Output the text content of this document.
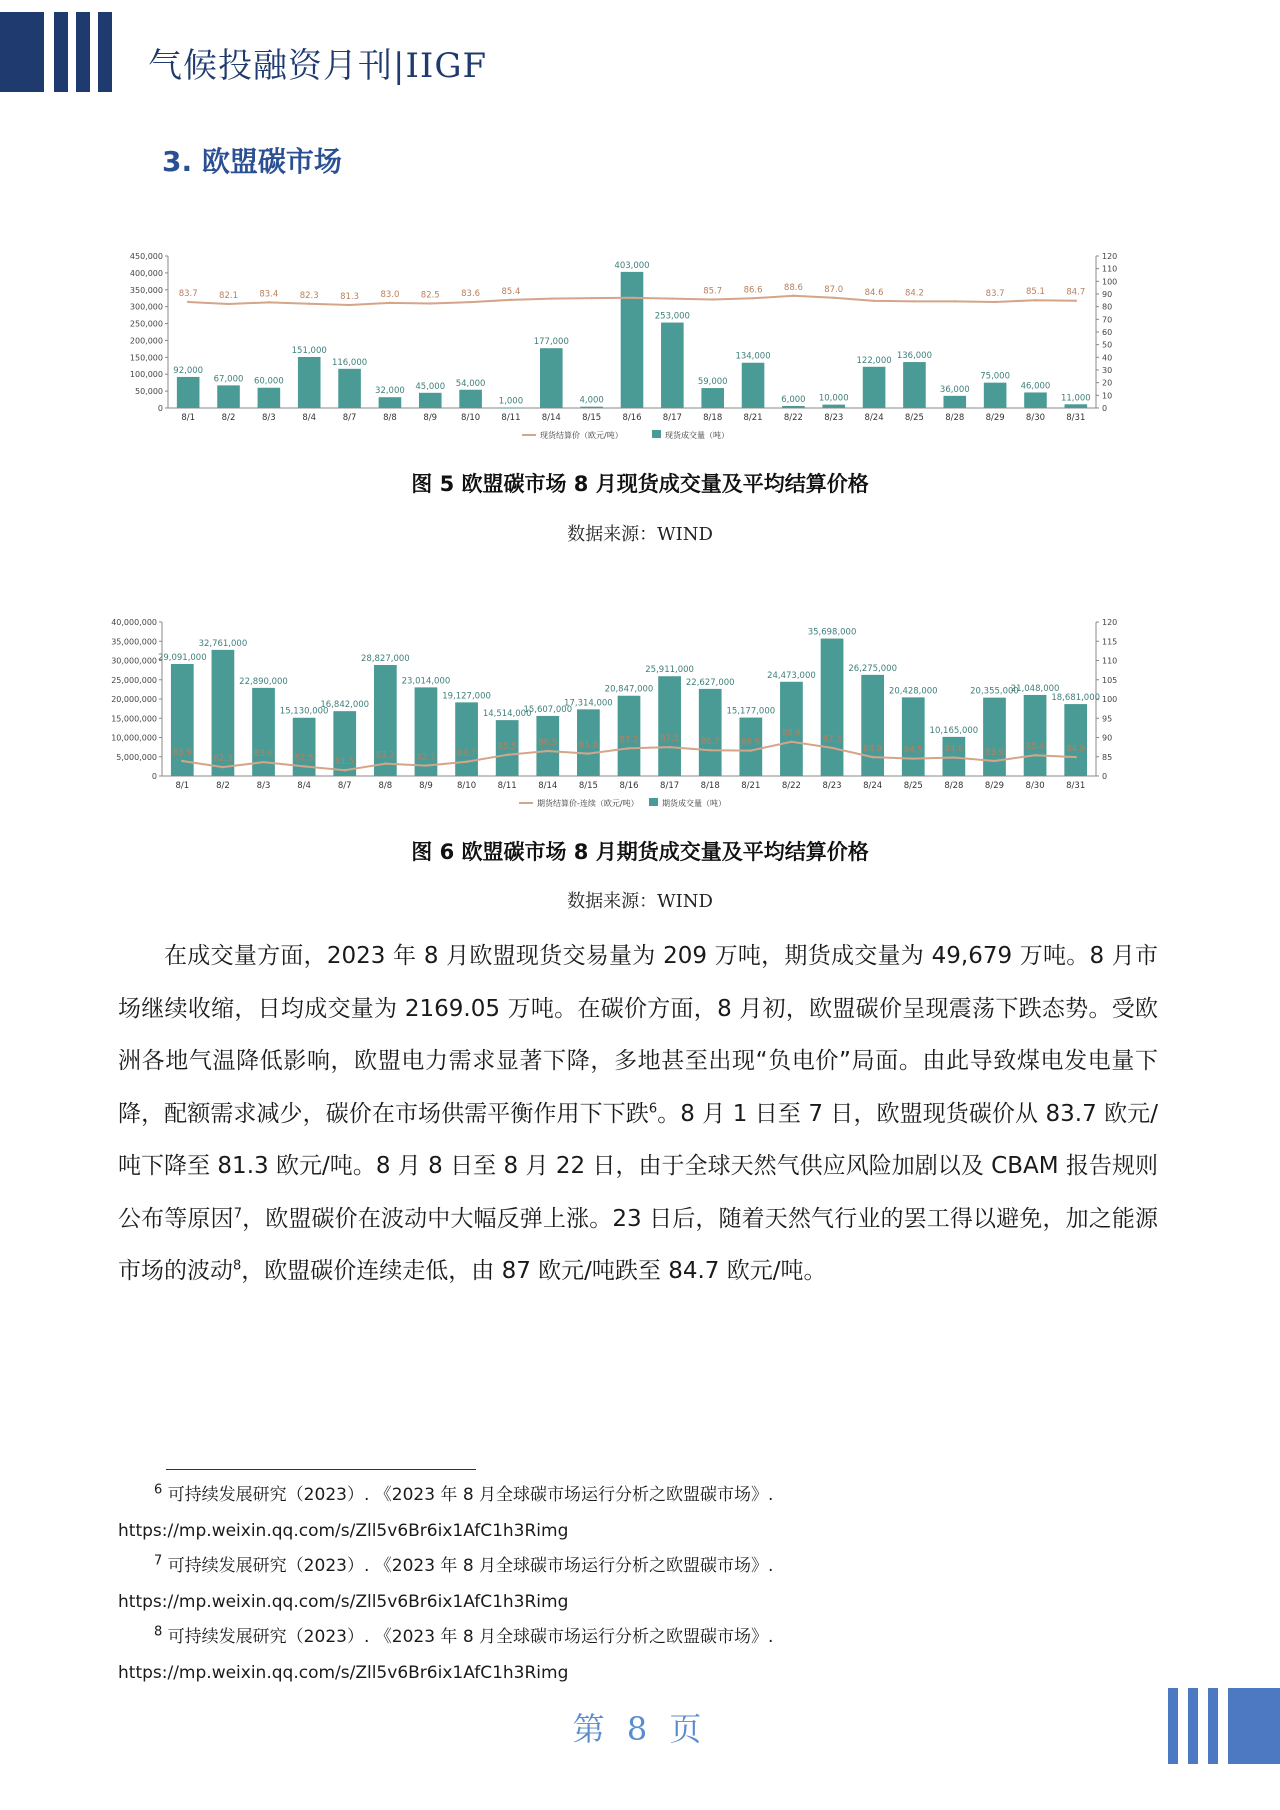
气候投融资月刊|IIGF
3. 欧盟碳市场
0
50,000
100,000
150,000
200,000
250,000
300,000
350,000
400,000
450,000
0
10
20
30
40
50
60
70
80
90
100
110
120
92,000
8/1
67,000
8/2
60,000
8/3
151,000
8/4
116,000
8/7
32,000
8/8
45,000
8/9
54,000
8/10
1,000
8/11
177,000
8/14
4,000
8/15
403,000
8/16
253,000
8/17
59,000
8/18
134,000
8/21
6,000
8/22
10,000
8/23
122,000
8/24
136,000
8/25
36,000
8/28
75,000
8/29
46,000
8/30
11,000
8/31
83.7	82.1	83.4	82.3	81.3	83.0	82.5	83.6	85.4	85.7	86.6	88.6	87.0	84.6	84.2	83.7	85.1	84.7
现货结算价（欧元/吨）	现货成交量（吨）
图 5 欧盟碳市场 8 月现货成交量及平均结算价格
数据来源：WIND
0
5,000,000
10,000,000
15,000,000
20,000,000
25,000,000
30,000,000
35,000,000
40,000,000
0
85
90
95
100
105
110
115
120
29,091,000
8/1
32,761,000
8/2
22,890,000
8/3
15,130,000
8/4
16,842,000
8/7
28,827,000
8/8
23,014,000
8/9
19,127,000
8/10
14,514,000
8/11
15,607,000
8/14
17,314,000
8/15
20,847,000
8/16
25,911,000
8/17
22,627,000
8/18
15,177,000
8/21
24,473,000
8/22
35,698,000
8/23
26,275,000
8/24
20,428,000
8/25
10,165,000
8/28
20,355,000
8/29
21,048,000
8/30
18,681,000
8/31
83.9
82.3
83.6	82.5	81.5
83.2	82.7	83.7
85.5	86.5	85.8
87.2	87.5	86.7	86.6
88.9
87.3
84.9	84.5	84.8	83.9
85.4	84.9
期货结算价-连续（欧元/吨）	期货成交量（吨）
图 6 欧盟碳市场 8 月期货成交量及平均结算价格
数据来源：WIND

在成交量方面，2023 年 8 月欧盟现货交易量为 209 万吨，期货成交量为 49,679 万吨。8 月市场继续收缩，日均成交量为 2169.05 万吨。在碳价方面，8 月初，欧盟碳价呈现震荡下跌态势。受欧洲各地气温降低影响，欧盟电力需求显著下降，多地甚至出现“负电价”局面。由此导致煤电发电量下降，配额需求减少，碳价在市场供需平衡作用下下跌$^6$。8 月 1 日至 7 日，欧盟现货碳价从 83.7 欧元/吨下降至 81.3 欧元/吨。8 月 8 日至 8 月 22 日，由于全球天然气供应风险加剧以及 CBAM 报告规则公布等原因$^7$，欧盟碳价在波动中大幅反弹上涨。23 日后，随着天然气行业的罢工得以避免，加之能源市场的波动$^8$，欧盟碳价连续走低，由 87 欧元/吨跌至 84.7 欧元/吨。

$^6$ 可持续发展研究（2023）. 《2023 年 8 月全球碳市场运行分析之欧盟碳市场》.
https://mp.weixin.qq.com/s/Zll5v6Br6ix1AfC1h3Rimg
$^7$ 可持续发展研究（2023）. 《2023 年 8 月全球碳市场运行分析之欧盟碳市场》.
https://mp.weixin.qq.com/s/Zll5v6Br6ix1AfC1h3Rimg
$^8$ 可持续发展研究（2023）. 《2023 年 8 月全球碳市场运行分析之欧盟碳市场》.
https://mp.weixin.qq.com/s/Zll5v6Br6ix1AfC1h3Rimg
第 8 页
